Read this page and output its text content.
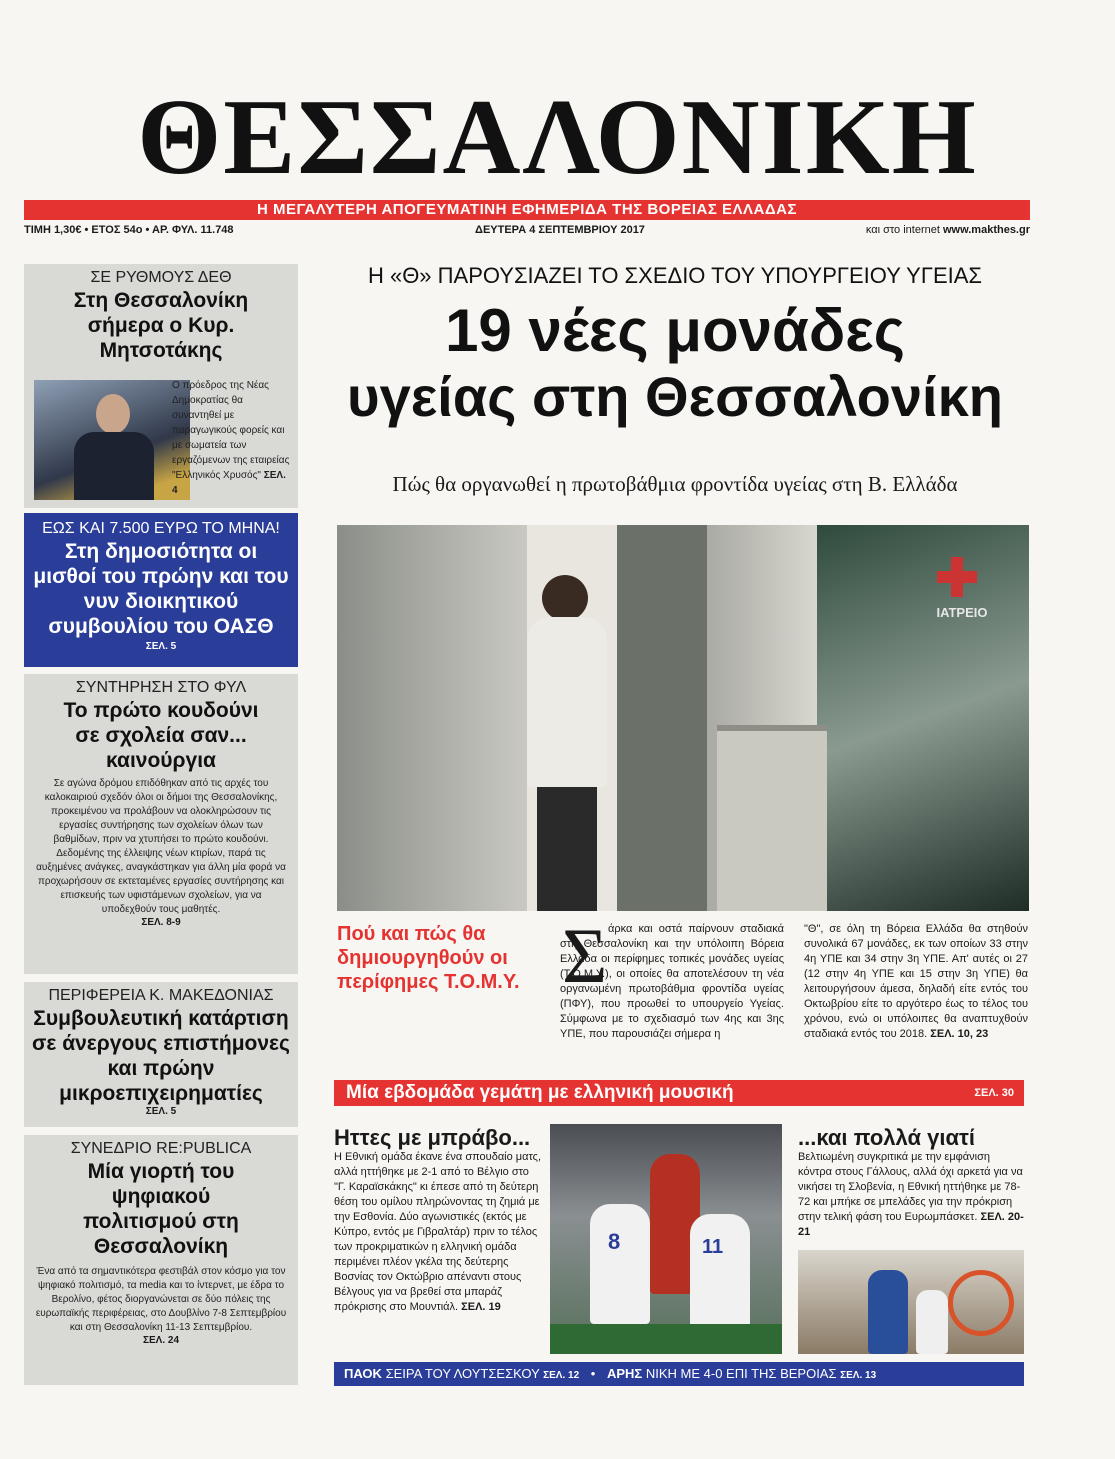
ΘΕΣΣΑΛΟΝΙΚΗ
Η ΜΕΓΑΛΥΤΕΡΗ ΑΠΟΓΕΥΜΑΤΙΝΗ ΕΦΗΜΕΡΙΔΑ ΤΗΣ ΒΟΡΕΙΑΣ ΕΛΛΑΔΑΣ
ΤΙΜΗ 1,30€ • ΕΤΟΣ 54ο • ΑΡ. ΦΥΛ. 11.748	ΔΕΥΤΕΡΑ 4 ΣΕΠΤΕΜΒΡΙΟΥ 2017	και στο internet www.makthes.gr
ΣΕ ΡΥΘΜΟΥΣ ΔΕΘ
Στη Θεσσαλονίκη σήμερα ο Κυρ. Μητσοτάκης
Ο πρόεδρος της Νέας Δημοκρατίας θα συναντηθεί με παραγωγικούς φορείς και με σωματεία των εργαζόμενων της εταιρείας "Ελληνικός Χρυσός" ΣΕΛ. 4
ΕΩΣ ΚΑΙ 7.500 ΕΥΡΩ ΤΟ ΜΗΝΑ!
Στη δημοσιότητα οι μισθοί του πρώην και του νυν διοικητικού συμβουλίου του ΟΑΣΘ
ΣΕΛ. 5
ΣΥΝΤΗΡΗΣΗ ΣΤΟ ΦΥΛ
Το πρώτο κουδούνι σε σχολεία σαν... καινούργια
Σε αγώνα δρόμου επιδόθηκαν από τις αρχές του καλοκαιριού σχεδόν όλοι οι δήμοι της Θεσσαλονίκης, προκειμένου να προλάβουν να ολοκληρώσουν τις εργασίες συντήρησης των σχολείων όλων των βαθμίδων, πριν να χτυπήσει το πρώτο κουδούνι. Δεδομένης της έλλειψης νέων κτιρίων, παρά τις αυξημένες ανάγκες, αναγκάστηκαν για άλλη μία φορά να προχωρήσουν σε εκτεταμένες εργασίες συντήρησης και επισκευής των υφιστάμενων σχολείων, για να υποδεχθούν τους μαθητές.
ΣΕΛ. 8-9
ΠΕΡΙΦΕΡΕΙΑ Κ. ΜΑΚΕΔΟΝΙΑΣ
Συμβουλευτική κατάρτιση σε άνεργους επιστήμονες και πρώην μικροεπιχειρηματίες
ΣΕΛ. 5
ΣΥΝΕΔΡΙΟ RE:PUBLICA
Μία γιορτή του ψηφιακού πολιτισμού στη Θεσσαλονίκη
Ένα από τα σημαντικότερα φεστιβάλ στον κόσμο για τον ψηφιακό πολιτισμό, τα media και το ίντερνετ, με έδρα το Βερολίνο, φέτος διοργανώνεται σε δύο πόλεις της ευρωπαϊκής περιφέρειας, στο Δουβλίνο 7-8 Σεπτεμβρίου και στη Θεσσαλονίκη 11-13 Σεπτεμβρίου.
ΣΕΛ. 24
Η «Θ» ΠΑΡΟΥΣΙΑΖΕΙ ΤΟ ΣΧΕΔΙΟ ΤΟΥ ΥΠΟΥΡΓΕΙΟΥ ΥΓΕΙΑΣ
19 νέες μονάδες
υγείας στη Θεσσαλονίκη
Πώς θα οργανωθεί η πρωτοβάθμια φροντίδα υγείας στη Β. Ελλάδα
ΙΑΤΡΕΙΟ
Πού και πώς θα δημιουργηθούν οι περίφημες Τ.Ο.Μ.Υ. Σ άρκα και οστά παίρνουν σταδιακά στη Θεσσαλονίκη και την υπόλοιπη Βόρεια Ελλάδα οι περίφημες τοπικές μονάδες υγείας (Τ.Ο.Μ.Υ.), οι οποίες θα αποτελέσουν τη νέα οργανωμένη πρωτοβάθμια φροντίδα υγείας (ΠΦΥ), που προωθεί το υπουργείο Υγείας. Σύμφωνα με το σχεδιασμό των 4ης και 3ης ΥΠΕ, που παρουσιάζει σήμερα η
"Θ", σε όλη τη Βόρεια Ελλάδα θα στηθούν συνολικά 67 μονάδες, εκ των οποίων 33 στην 4η ΥΠΕ και 34 στην 3η ΥΠΕ. Απ' αυτές οι 27 (12 στην 4η ΥΠΕ και 15 στην 3η ΥΠΕ) θα λειτουργήσουν άμεσα, δηλαδή είτε εντός του Οκτωβρίου είτε το αργότερο έως το τέλος του χρόνου, ενώ οι υπόλοιπες θα αναπτυχθούν σταδιακά εντός του 2018. ΣΕΛ. 10, 23
Μία εβδομάδα γεμάτη με ελληνική μουσική	ΣΕΛ. 30
Ηττες με μπράβο...
Η Εθνική ομάδα έκανε ένα σπουδαίο ματς, αλλά ηττήθηκε με 2-1 από το Βέλγιο στο "Γ. Καραϊσκάκης" κι έπεσε από τη δεύτερη θέση του ομίλου πληρώνοντας τη ζημιά με την Εσθονία. Δύο αγωνιστικές (εκτός με Κύπρο, εντός με Γιβραλτάρ) πριν το τέλος των προκριματικών η ελληνική ομάδα περιμένει πλέον γκέλα της δεύτερης Βοσνίας τον Οκτώβριο απέναντι στους Βέλγους για να βρεθεί στα μπαράζ πρόκρισης στο Μουντιάλ. ΣΕΛ. 19
8	11
...και πολλά γιατί
Βελτιωμένη συγκριτικά με την εμφάνιση κόντρα στους Γάλλους, αλλά όχι αρκετά για να νικήσει τη Σλοβενία, η Εθνική ηττήθηκε με 78-72 και μπήκε σε μπελάδες για την πρόκριση στην τελική φάση του Ευρωμπάσκετ. ΣΕΛ. 20-21
ΠΑΟΚ ΣΕΙΡΑ ΤΟΥ ΛΟΥΤΣΕΣΚΟΥ ΣΕΛ. 12 • ΑΡΗΣ ΝΙΚΗ ΜΕ 4-0 ΕΠΙ ΤΗΣ ΒΕΡΟΙΑΣ ΣΕΛ. 13
